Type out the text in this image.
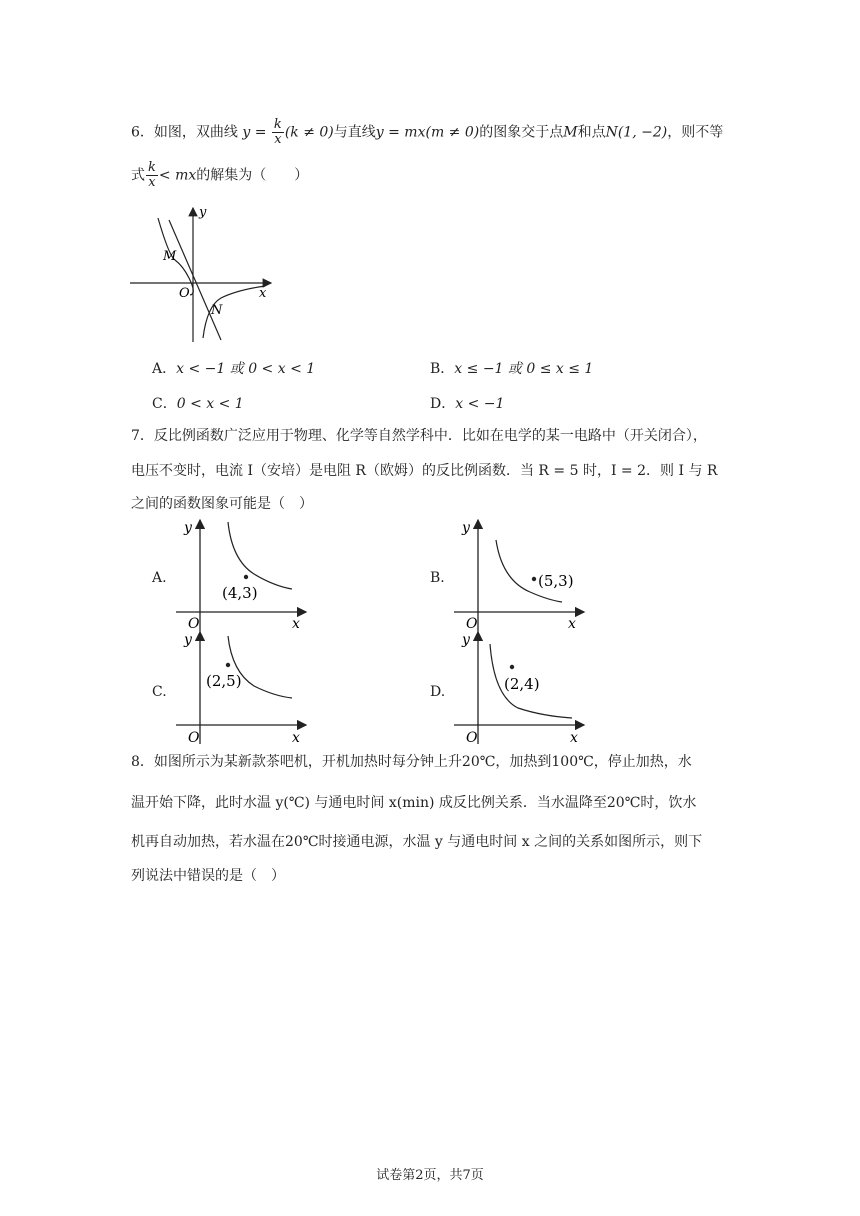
6．如图，双曲线 $y = \frac{k}{x} (k \ne 0)$与直线y = mx(m ≠ 0)的图象交于点M和点N(1, −2)，则不等
式 $\frac{k}{x}$ < mx的解集为（　　）
y
x
O
M
N
A．x < −1 或 0 < x < 1	B．x ≤ −1 或 0 ≤ x ≤ 1
C．0 < x < 1	D．x < −1
7．反比例函数广泛应用于物理、化学等自然学科中．比如在电学的某一电路中（开关闭合），
电压不变时，电流 I（安培）是电阻 R（欧姆）的反比例函数．当 R = 5 时，I = 2．则 I 与 R
之间的函数图象可能是（　）
A.
(4,3)
y
x
O
B.	(5,3)
y
x
O
C.
(2,5)
y
x
O
D.	(2,4)
y
x
O
8．如图所示为某新款茶吧机，开机加热时每分钟上升20℃，加热到100℃，停止加热，水
温开始下降，此时水温 y(℃) 与通电时间 x(min) 成反比例关系．当水温降至20℃时，饮水
机再自动加热，若水温在20℃时接通电源，水温 y 与通电时间 x 之间的关系如图所示，则下
列说法中错误的是（　）
试卷第2页，共7页
